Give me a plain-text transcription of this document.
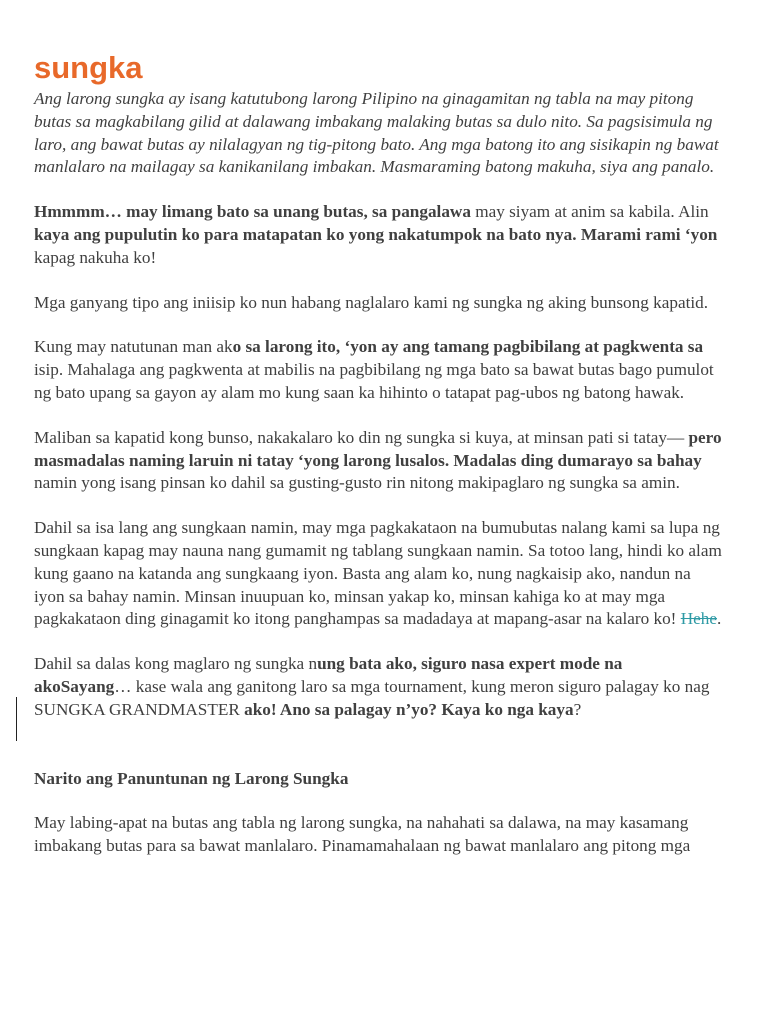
sungka

Ang larong sungka ay isang katutubong larong Pilipino na ginagamitan ng tabla na may pitong butas sa magkabilang gilid at dalawang imbakang malaking butas sa dulo nito. Sa pagsisimula ng laro, ang bawat butas ay nilalagyan ng tig-pitong bato. Ang mga batong ito ang sisikapin ng bawat manlalaro na mailagay sa kanikanilang imbakan. Masmaraming batong makuha, siya ang panalo.

Hmmmm… may limang bato sa unang butas, sa pangalawa may siyam at anim sa kabila. Alin kaya ang pupulutin ko para matapatan ko yong nakatumpok na bato nya. Marami rami ‘yon kapag nakuha ko!

Mga ganyang tipo ang iniisip ko nun habang naglalaro kami ng sungka ng aking bunsong kapatid.

Kung may natutunan man ako sa larong ito, ‘yon ay ang tamang pagbibilang at pagkwenta sa isip. Mahalaga ang pagkwenta at mabilis na pagbibilang ng mga bato sa bawat butas bago pumulot ng bato upang sa gayon ay alam mo kung saan ka hihinto o tatapat pag-ubos ng batong hawak.

Maliban sa kapatid kong bunso, nakakalaro ko din ng sungka si kuya, at minsan pati si tatay— pero masmadalas naming laruin ni tatay ‘yong larong lusalos. Madalas ding dumarayo sa bahay namin yong isang pinsan ko dahil sa gusting-gusto rin nitong makipaglaro ng sungka sa amin.

Dahil sa isa lang ang sungkaan namin, may mga pagkakataon na bumubutas nalang kami sa lupa ng sungkaan kapag may nauna nang gumamit ng tablang sungkaan namin. Sa totoo lang, hindi ko alam kung gaano na katanda ang sungkaang iyon. Basta ang alam ko, nung nagkaisip ako, nandun na iyon sa bahay namin. Minsan inuupuan ko, minsan yakap ko, minsan kahiga ko at may mga pagkakataon ding ginagamit ko itong panghampas sa madadaya at mapang-asar na kalaro ko! Hehe.

Dahil sa dalas kong maglaro ng sungka nung bata ako, siguro nasa expert mode na akoSayang… kase wala ang ganitong laro sa mga tournament, kung meron siguro palagay ko nag SUNGKA GRANDMASTER ako! Ano sa palagay n’yo? Kaya ko nga kaya?

Narito ang Panuntunan ng Larong Sungka

May labing-apat na butas ang tabla ng larong sungka, na nahahati sa dalawa, na may kasamang imbakang butas para sa bawat manlalaro. Pinamamahalaan ng bawat manlalaro ang pitong mga
